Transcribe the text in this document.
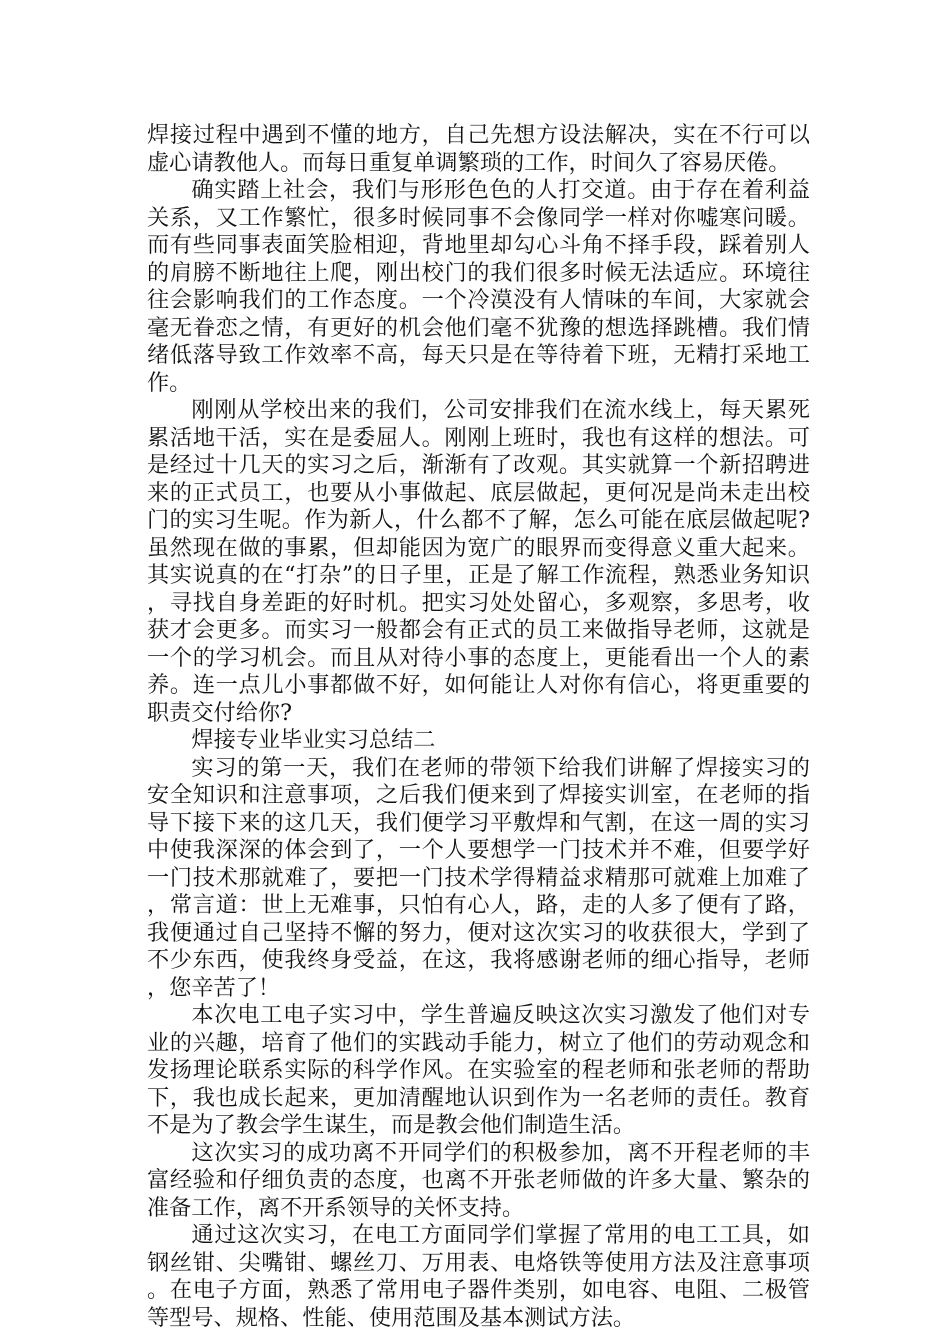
焊接过程中遇到不懂的地方，自己先想方设法解决，实在不行可以虚心请教他人。而每日重复单调繁琐的工作，时间久了容易厌倦。

确实踏上社会，我们与形形色色的人打交道。由于存在着利益关系，又工作繁忙，很多时候同事不会像同学一样对你嘘寒问暖。而有些同事表面笑脸相迎，背地里却勾心斗角不择手段，踩着别人的肩膀不断地往上爬，刚出校门的我们很多时候无法适应。环境往往会影响我们的工作态度。一个冷漠没有人情味的车间，大家就会毫无眷恋之情，有更好的机会他们毫不犹豫的想选择跳槽。我们情绪低落导致工作效率不高，每天只是在等待着下班，无精打采地工作。

刚刚从学校出来的我们，公司安排我们在流水线上，每天累死累活地干活，实在是委屈人。刚刚上班时，我也有这样的想法。可是经过十几天的实习之后，渐渐有了改观。其实就算一个新招聘进来的正式员工，也要从小事做起、底层做起，更何况是尚未走出校门的实习生呢。作为新人，什么都不了解，怎么可能在底层做起呢?虽然现在做的事累，但却能因为宽广的眼界而变得意义重大起来。其实说真的在“打杂”的日子里，正是了解工作流程，熟悉业务知识，寻找自身差距的好时机。把实习处处留心，多观察，多思考，收获才会更多。而实习一般都会有正式的员工来做指导老师，这就是一个的学习机会。而且从对待小事的态度上，更能看出一个人的素养。连一点儿小事都做不好，如何能让人对你有信心，将更重要的职责交付给你?

焊接专业毕业实习总结二

实习的第一天，我们在老师的带领下给我们讲解了焊接实习的安全知识和注意事项，之后我们便来到了焊接实训室，在老师的指导下接下来的这几天，我们便学习平敷焊和气割，在这一周的实习中使我深深的体会到了，一个人要想学一门技术并不难，但要学好一门技术那就难了，要把一门技术学得精益求精那可就难上加难了，常言道：世上无难事，只怕有心人，路，走的人多了便有了路，我便通过自己坚持不懈的努力，便对这次实习的收获很大，学到了不少东西，使我终身受益，在这，我将感谢老师的细心指导，老师，您辛苦了！

本次电工电子实习中，学生普遍反映这次实习激发了他们对专业的兴趣，培育了他们的实践动手能力，树立了他们的劳动观念和发扬理论联系实际的科学作风。在实验室的程老师和张老师的帮助下，我也成长起来，更加清醒地认识到作为一名老师的责任。教育不是为了教会学生谋生，而是教会他们制造生活。

这次实习的成功离不开同学们的积极参加，离不开程老师的丰富经验和仔细负责的态度，也离不开张老师做的许多大量、繁杂的准备工作，离不开系领导的关怀支持。

通过这次实习，在电工方面同学们掌握了常用的电工工具，如钢丝钳、尖嘴钳、螺丝刀、万用表、电烙铁等使用方法及注意事项。在电子方面，熟悉了常用电子器件类别，如电容、电阻、二极管等型号、规格、性能、使用范围及基本测试方法。
